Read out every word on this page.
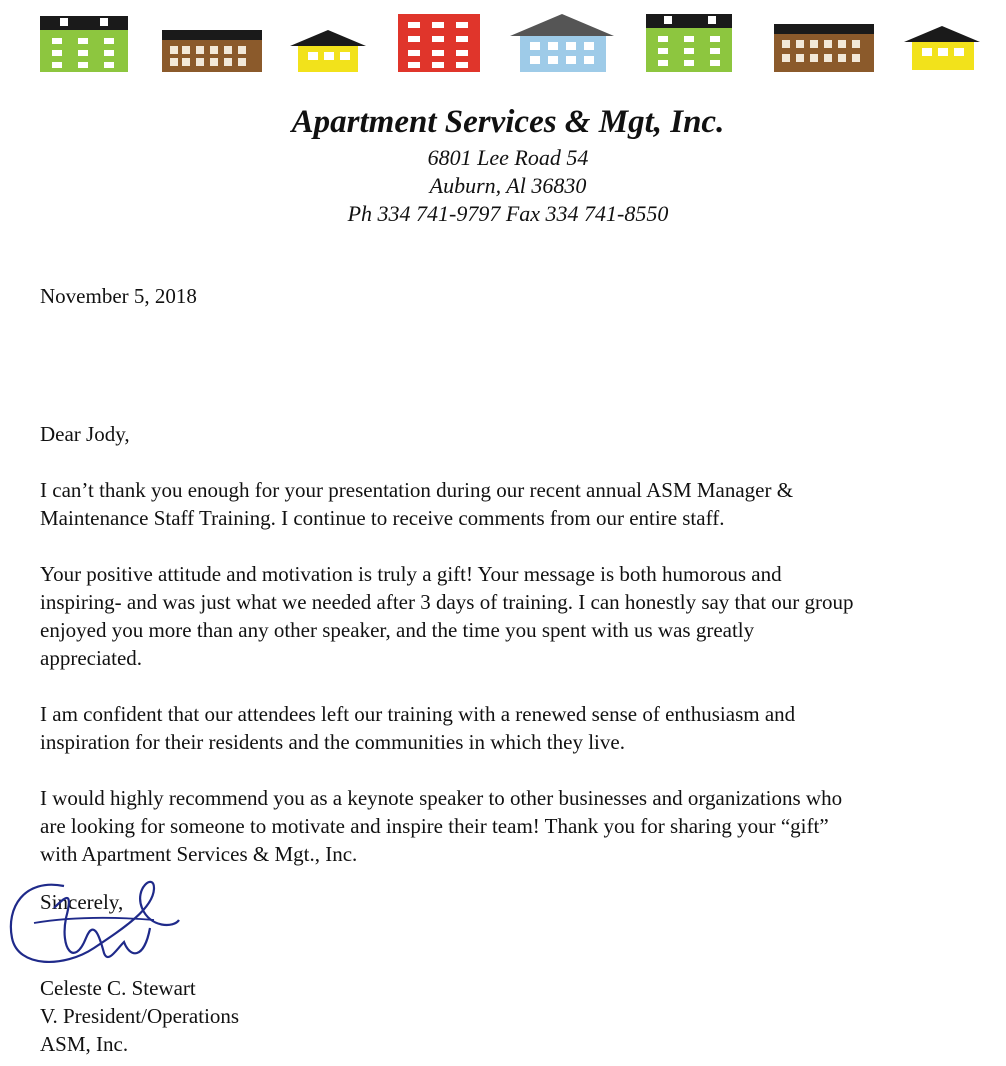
Apartment Services & Mgt, Inc.
6801 Lee Road 54
Auburn, Al 36830
Ph 334 741-9797 Fax 334 741-8550
November 5, 2018
Dear Jody,

I can’t thank you enough for your presentation during our recent annual ASM Manager &
Maintenance Staff Training. I continue to receive comments from our entire staff.

Your positive attitude and motivation is truly a gift! Your message is both humorous and
inspiring- and was just what we needed after 3 days of training. I can honestly say that our group
enjoyed you more than any other speaker, and the time you spent with us was greatly
appreciated.

I am confident that our attendees left our training with a renewed sense of enthusiasm and
inspiration for their residents and the communities in which they live.

I would highly recommend you as a keynote speaker to other businesses and organizations who
are looking for someone to motivate and inspire their team! Thank you for sharing your “gift”
with Apartment Services & Mgt., Inc.

Sincerely,
Celeste C. Stewart
V. President/Operations
ASM, Inc.
